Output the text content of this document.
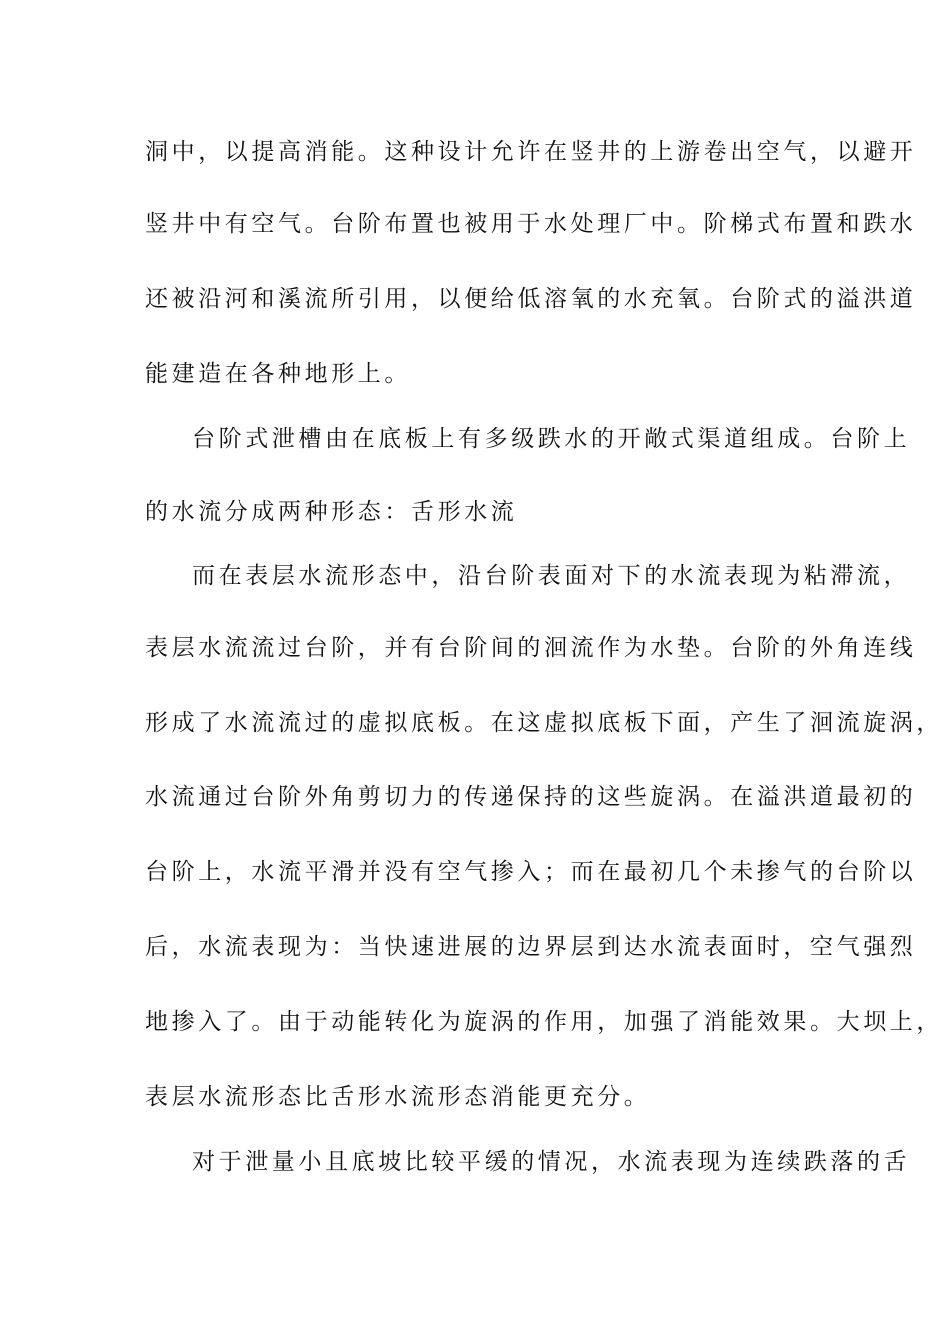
洞中，以提高消能。这种设计允许在竖井的上游卷出空气，以避开
竖井中有空气。台阶布置也被用于水处理厂中。阶梯式布置和跌水
还被沿河和溪流所引用，以便给低溶氧的水充氧。台阶式的溢洪道
能建造在各种地形上。
台阶式泄槽由在底板上有多级跌水的开敞式渠道组成。台阶上
的水流分成两种形态：舌形水流
而在表层水流形态中，沿台阶表面对下的水流表现为粘滞流，
表层水流流过台阶，并有台阶间的洄流作为水垫。台阶的外角连线
形成了水流流过的虚拟底板。在这虚拟底板下面，产生了洄流旋涡，
水流通过台阶外角剪切力的传递保持的这些旋涡。在溢洪道最初的
台阶上，水流平滑并没有空气掺入；而在最初几个未掺气的台阶以
后，水流表现为：当快速进展的边界层到达水流表面时，空气强烈
地掺入了。由于动能转化为旋涡的作用，加强了消能效果。大坝上，
表层水流形态比舌形水流形态消能更充分。
对于泄量小且底坡比较平缓的情况，水流表现为连续跌落的舌
